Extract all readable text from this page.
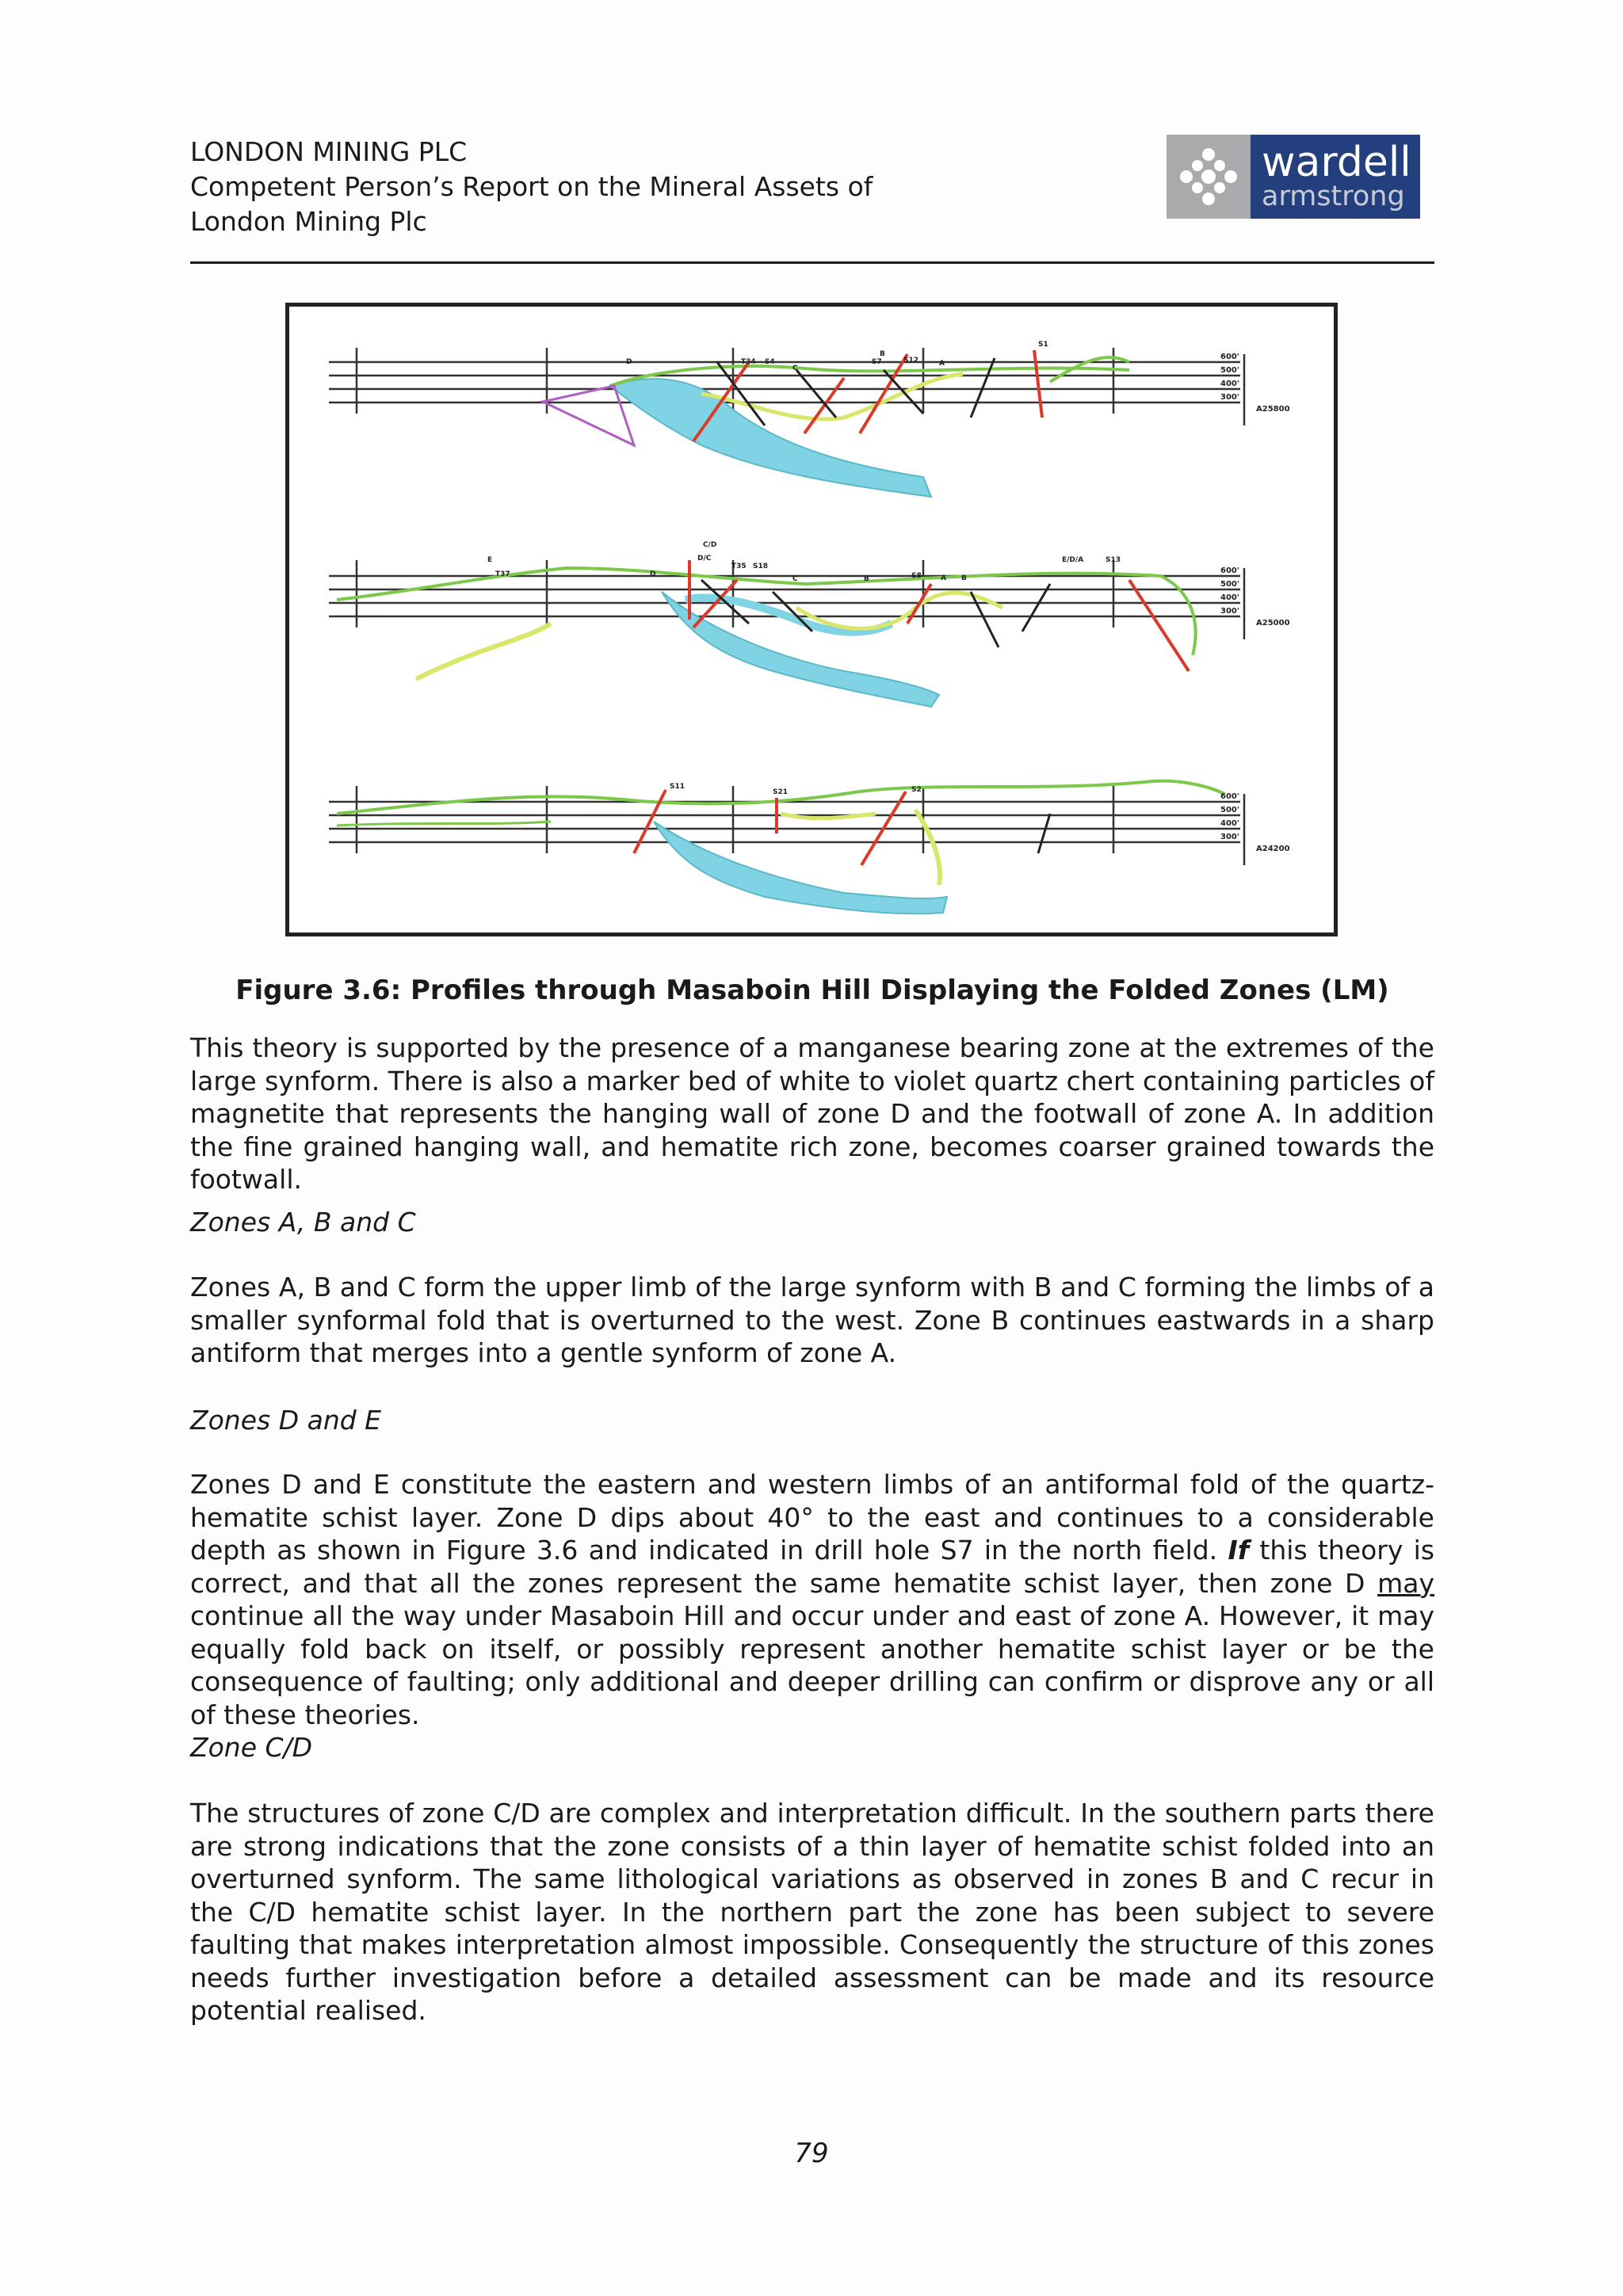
LONDON MINING PLC
Competent Person’s Report on the Mineral Assets of
London Mining Plc
wardell
armstrong
600'
500'
400'
300'
A25800
D	T34 S4
C
B
S7	S12	A
S1
600'
500'
400'
300'
A25000
E
T37	D
C/D
D/C
T35 S18
C	B	S8	A B
E/D/A	S13
600'
500'
400'
300'
A24200
S11
S21	S2
Figure 3.6: Profiles through Masaboin Hill Displaying the Folded Zones (LM)

This theory is supported by the presence of a manganese bearing zone at the extremes of the large synform. There is also a marker bed of white to violet quartz chert containing particles of magnetite that represents the hanging wall of zone D and the footwall of zone A. In addition the fine grained hanging wall, and hematite rich zone, becomes coarser grained towards the footwall.

Zones A, B and C

Zones A, B and C form the upper limb of the large synform with B and C forming the limbs of a smaller synformal fold that is overturned to the west. Zone B continues eastwards in a sharp antiform that merges into a gentle synform of zone A.

Zones D and E

Zones D and E constitute the eastern and western limbs of an antiformal fold of the quartz-hematite schist layer. Zone D dips about 40° to the east and continues to a considerable depth as shown in Figure 3.6 and indicated in drill hole S7 in the north field. If this theory is correct, and that all the zones represent the same hematite schist layer, then zone D may continue all the way under Masaboin Hill and occur under and east of zone A. However, it may equally fold back on itself, or possibly represent another hematite schist layer or be the consequence of faulting; only additional and deeper drilling can confirm or disprove any or all of these theories.

Zone C/D

The structures of zone C/D are complex and interpretation difficult. In the southern parts there are strong indications that the zone consists of a thin layer of hematite schist folded into an overturned synform. The same lithological variations as observed in zones B and C recur in the C/D hematite schist layer. In the northern part the zone has been subject to severe faulting that makes interpretation almost impossible. Consequently the structure of this zones needs further investigation before a detailed assessment can be made and its resource potential realised.

79
